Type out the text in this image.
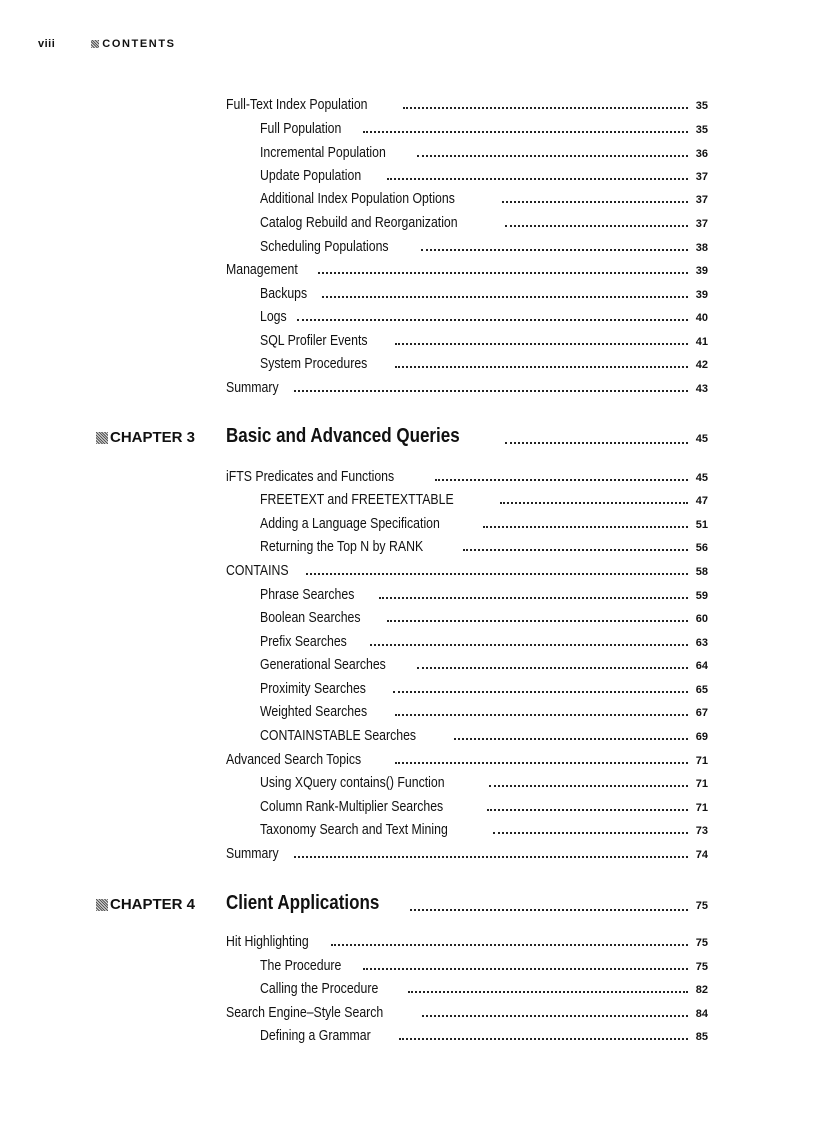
viii	CONTENTS
Full-Text Index Population	35
Full Population	35
Incremental Population	36
Update Population	37
Additional Index Population Options	37
Catalog Rebuild and Reorganization	37
Scheduling Populations	38
Management	39
Backups	39
Logs	40
SQL Profiler Events	41
System Procedures	42
Summary	43
CHAPTER 3 Basic and Advanced Queries	45
iFTS Predicates and Functions	45
FREETEXT and FREETEXTTABLE	47
Adding a Language Specification	51
Returning the Top N by RANK	56
CONTAINS	58
Phrase Searches	59
Boolean Searches	60
Prefix Searches	63
Generational Searches	64
Proximity Searches	65
Weighted Searches	67
CONTAINSTABLE Searches	69
Advanced Search Topics	71
Using XQuery contains() Function	71
Column Rank-Multiplier Searches	71
Taxonomy Search and Text Mining	73
Summary	74
CHAPTER 4 Client Applications	75
Hit Highlighting	75
The Procedure	75
Calling the Procedure	82
Search Engine–Style Search	84
Defining a Grammar	85
